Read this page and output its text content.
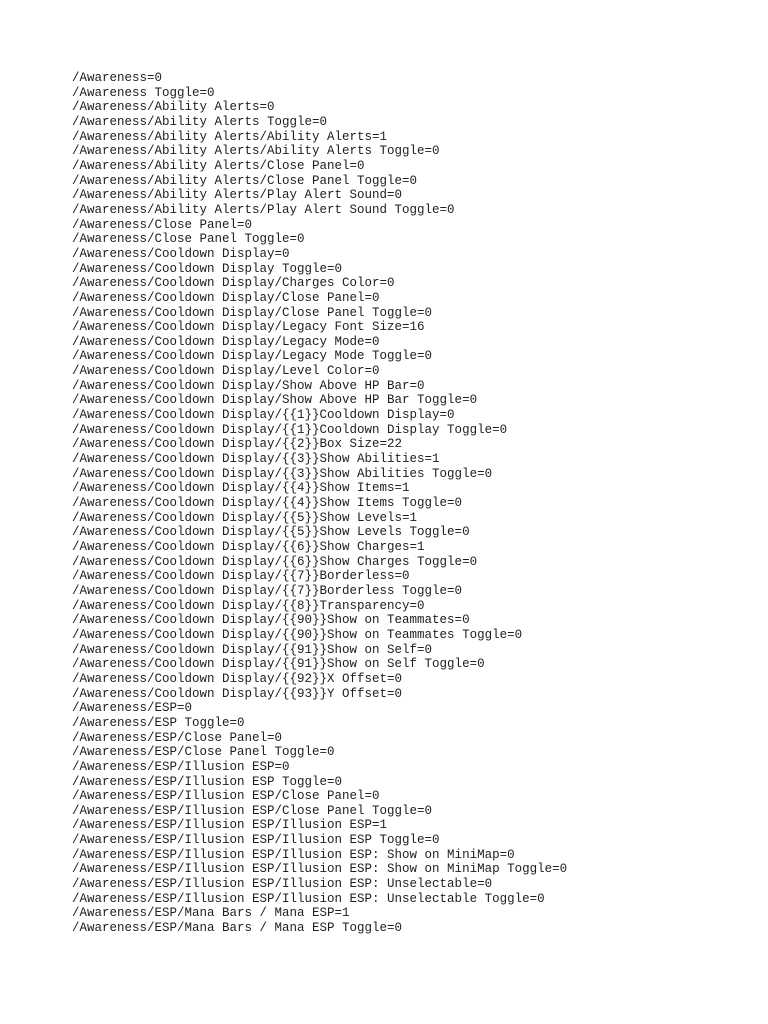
/Awareness=0
/Awareness Toggle=0
/Awareness/Ability Alerts=0
/Awareness/Ability Alerts Toggle=0
/Awareness/Ability Alerts/Ability Alerts=1
/Awareness/Ability Alerts/Ability Alerts Toggle=0
/Awareness/Ability Alerts/Close Panel=0
/Awareness/Ability Alerts/Close Panel Toggle=0
/Awareness/Ability Alerts/Play Alert Sound=0
/Awareness/Ability Alerts/Play Alert Sound Toggle=0
/Awareness/Close Panel=0
/Awareness/Close Panel Toggle=0
/Awareness/Cooldown Display=0
/Awareness/Cooldown Display Toggle=0
/Awareness/Cooldown Display/Charges Color=0
/Awareness/Cooldown Display/Close Panel=0
/Awareness/Cooldown Display/Close Panel Toggle=0
/Awareness/Cooldown Display/Legacy Font Size=16
/Awareness/Cooldown Display/Legacy Mode=0
/Awareness/Cooldown Display/Legacy Mode Toggle=0
/Awareness/Cooldown Display/Level Color=0
/Awareness/Cooldown Display/Show Above HP Bar=0
/Awareness/Cooldown Display/Show Above HP Bar Toggle=0
/Awareness/Cooldown Display/{{1}}Cooldown Display=0
/Awareness/Cooldown Display/{{1}}Cooldown Display Toggle=0
/Awareness/Cooldown Display/{{2}}Box Size=22
/Awareness/Cooldown Display/{{3}}Show Abilities=1
/Awareness/Cooldown Display/{{3}}Show Abilities Toggle=0
/Awareness/Cooldown Display/{{4}}Show Items=1
/Awareness/Cooldown Display/{{4}}Show Items Toggle=0
/Awareness/Cooldown Display/{{5}}Show Levels=1
/Awareness/Cooldown Display/{{5}}Show Levels Toggle=0
/Awareness/Cooldown Display/{{6}}Show Charges=1
/Awareness/Cooldown Display/{{6}}Show Charges Toggle=0
/Awareness/Cooldown Display/{{7}}Borderless=0
/Awareness/Cooldown Display/{{7}}Borderless Toggle=0
/Awareness/Cooldown Display/{{8}}Transparency=0
/Awareness/Cooldown Display/{{90}}Show on Teammates=0
/Awareness/Cooldown Display/{{90}}Show on Teammates Toggle=0
/Awareness/Cooldown Display/{{91}}Show on Self=0
/Awareness/Cooldown Display/{{91}}Show on Self Toggle=0
/Awareness/Cooldown Display/{{92}}X Offset=0
/Awareness/Cooldown Display/{{93}}Y Offset=0
/Awareness/ESP=0
/Awareness/ESP Toggle=0
/Awareness/ESP/Close Panel=0
/Awareness/ESP/Close Panel Toggle=0
/Awareness/ESP/Illusion ESP=0
/Awareness/ESP/Illusion ESP Toggle=0
/Awareness/ESP/Illusion ESP/Close Panel=0
/Awareness/ESP/Illusion ESP/Close Panel Toggle=0
/Awareness/ESP/Illusion ESP/Illusion ESP=1
/Awareness/ESP/Illusion ESP/Illusion ESP Toggle=0
/Awareness/ESP/Illusion ESP/Illusion ESP: Show on MiniMap=0
/Awareness/ESP/Illusion ESP/Illusion ESP: Show on MiniMap Toggle=0
/Awareness/ESP/Illusion ESP/Illusion ESP: Unselectable=0
/Awareness/ESP/Illusion ESP/Illusion ESP: Unselectable Toggle=0
/Awareness/ESP/Mana Bars / Mana ESP=1
/Awareness/ESP/Mana Bars / Mana ESP Toggle=0
